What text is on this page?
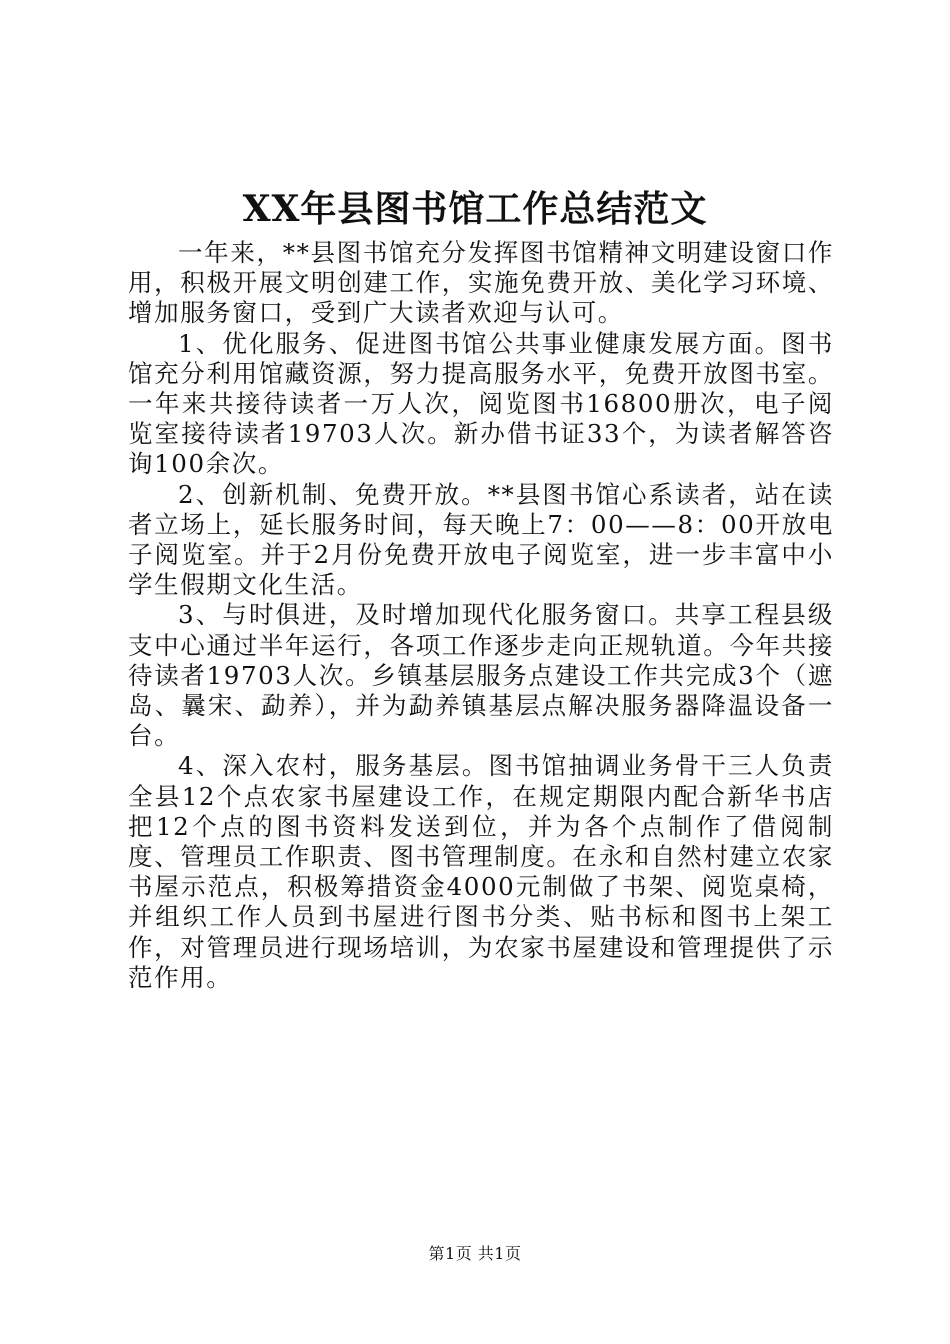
XX年县图书馆工作总结范文

一年来，**县图书馆充分发挥图书馆精神文明建设窗口作用，积极开展文明创建工作，实施免费开放、美化学习环境、增加服务窗口，受到广大读者欢迎与认可。

1、优化服务、促进图书馆公共事业健康发展方面。图书馆充分利用馆藏资源，努力提高服务水平，免费开放图书室。一年来共接待读者一万人次，阅览图书16800册次，电子阅览室接待读者19703人次。新办借书证33个，为读者解答咨询100余次。

2、创新机制、免费开放。**县图书馆心系读者，站在读者立场上，延长服务时间，每天晚上7：00——8：00开放电子阅览室。并于2月份免费开放电子阅览室，进一步丰富中小学生假期文化生活。

3、与时俱进，及时增加现代化服务窗口。共享工程县级支中心通过半年运行，各项工作逐步走向正规轨道。今年共接待读者19703人次。乡镇基层服务点建设工作共完成3个（遮岛、曩宋、勐养），并为勐养镇基层点解决服务器降温设备一台。

4、深入农村，服务基层。图书馆抽调业务骨干三人负责全县12个点农家书屋建设工作，在规定期限内配合新华书店把12个点的图书资料发送到位，并为各个点制作了借阅制度、管理员工作职责、图书管理制度。在永和自然村建立农家书屋示范点，积极筹措资金4000元制做了书架、阅览桌椅，并组织工作人员到书屋进行图书分类、贴书标和图书上架工作，对管理员进行现场培训，为农家书屋建设和管理提供了示范作用。

第1页 共1页
